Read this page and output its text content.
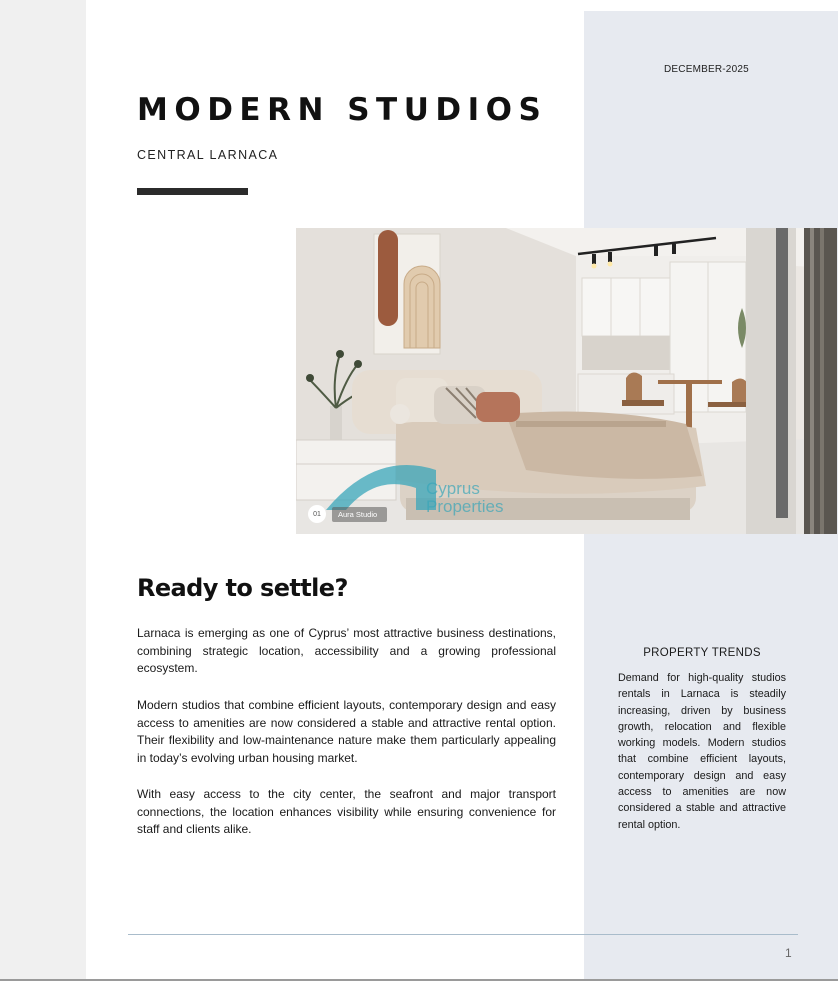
DECEMBER-2025
MODERN STUDIOS
CENTRAL LARNACA
Cyprus
Properties
01	Aura Studio
Ready to settle?
Larnaca is emerging as one of Cyprus’ most attractive business destinations, combining strategic location, accessibility and a growing professional ecosystem.
Modern studios that combine efficient layouts, contemporary design and easy access to amenities are now considered a stable and attractive rental option. Their flexibility and low-maintenance nature make them particularly appealing in today’s evolving urban housing market.
With easy access to the city center, the seafront and major transport connections, the location enhances visibility while ensuring convenience for staff and clients alike.
PROPERTY TRENDS
Demand for high-quality studios rentals in Larnaca is steadily increasing, driven by business growth, relocation and flexible working models. Modern studios that combine efficient layouts, contemporary design and easy access to amenities are now considered a stable and attractive rental option.
1
